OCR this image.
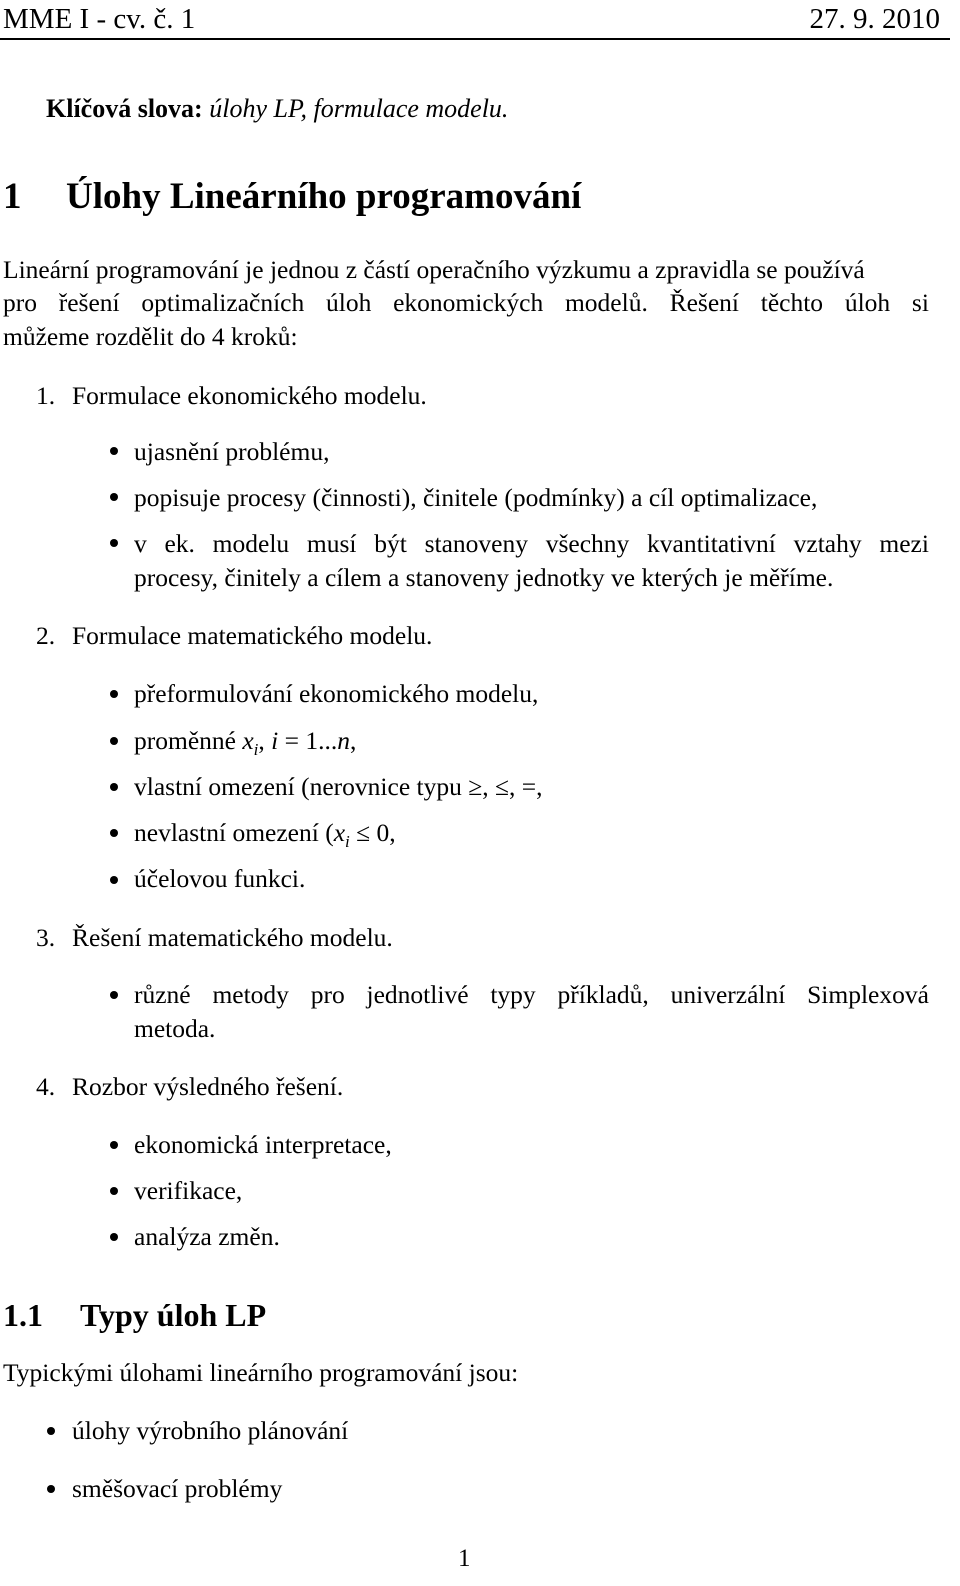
MME I - cv. č. 1	27. 9. 2010
Klíčová slova: úlohy LP, formulace modelu.
1 Úlohy Lineárního programování
Lineární programování je jednou z částí operačního výzkumu a zpravidla se používá
pro řešení optimalizačních úloh ekonomických modelů. Řešení těchto úloh si
můžeme rozdělit do 4 kroků:
1. Formulace ekonomického modelu.
ujasnění problému,
popisuje procesy (činnosti), činitele (podmínky) a cíl optimalizace,
v ek. modelu musí být stanoveny všechny kvantitativní vztahy mezi
procesy, činitely a cílem a stanoveny jednotky ve kterých je měříme.
2. Formulace matematického modelu.
přeformulování ekonomického modelu,
proměnné $x_i$, i = 1...n,
vlastní omezení (nerovnice typu ≥, ≤, =,
nevlastní omezení ($x_i \le 0$,
účelovou funkci.
3. Řešení matematického modelu.
různé metody pro jednotlivé typy příkladů, univerzální Simplexová
metoda.
4. Rozbor výsledného řešení.
ekonomická interpretace,
verifikace,
analýza změn.
1.1 Typy úloh LP
Typickými úlohami lineárního programování jsou:
úlohy výrobního plánování
směšovací problémy
1
